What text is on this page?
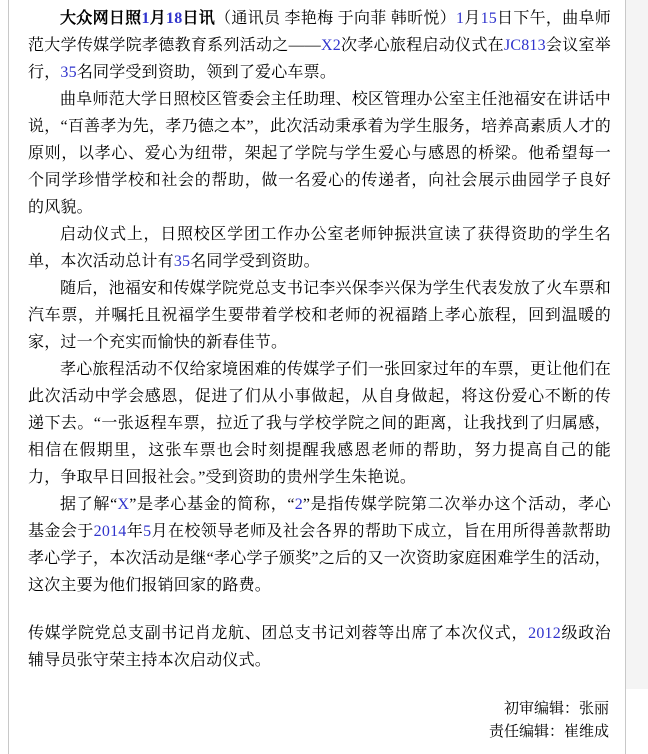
大众网日照1月18日讯（通讯员 李艳梅 于向菲 韩昕悦）1月15日下午，曲阜师范大学传媒学院孝德教育系列活动之——X2次孝心旅程启动仪式在JC813会议室举行，35名同学受到资助，领到了爱心车票。

曲阜师范大学日照校区管委会主任助理、校区管理办公室主任池福安在讲话中说，“百善孝为先，孝乃德之本”，此次活动秉承着为学生服务，培养高素质人才的原则，以孝心、爱心为纽带，架起了学院与学生爱心与感恩的桥梁。他希望每一个同学珍惜学校和社会的帮助，做一名爱心的传递者，向社会展示曲园学子良好的风貌。

启动仪式上，日照校区学团工作办公室老师钟振洪宣读了获得资助的学生名单，本次活动总计有35名同学受到资助。

随后，池福安和传媒学院党总支书记李兴保李兴保为学生代表发放了火车票和汽车票，并嘱托且祝福学生要带着学校和老师的祝福踏上孝心旅程，回到温暖的家，过一个充实而愉快的新春佳节。

孝心旅程活动不仅给家境困难的传媒学子们一张回家过年的车票，更让他们在此次活动中学会感恩，促进了们从小事做起，从自身做起，将这份爱心不断的传递下去。“一张返程车票，拉近了我与学校学院之间的距离，让我找到了归属感，相信在假期里，这张车票也会时刻提醒我感恩老师的帮助，努力提高自己的能力，争取早日回报社会。”受到资助的贵州学生朱艳说。

据了解“X”是孝心基金的简称，“2”是指传媒学院第二次举办这个活动，孝心基金会于2014年5月在校领导老师及社会各界的帮助下成立，旨在用所得善款帮助孝心学子，本次活动是继“孝心学子颁奖”之后的又一次资助家庭困难学生的活动，这次主要为他们报销回家的路费。

传媒学院党总支副书记肖龙航、团总支书记刘蓉等出席了本次仪式，2012级政治辅导员张守荣主持本次启动仪式。

初审编辑：张丽
责任编辑：崔维成
